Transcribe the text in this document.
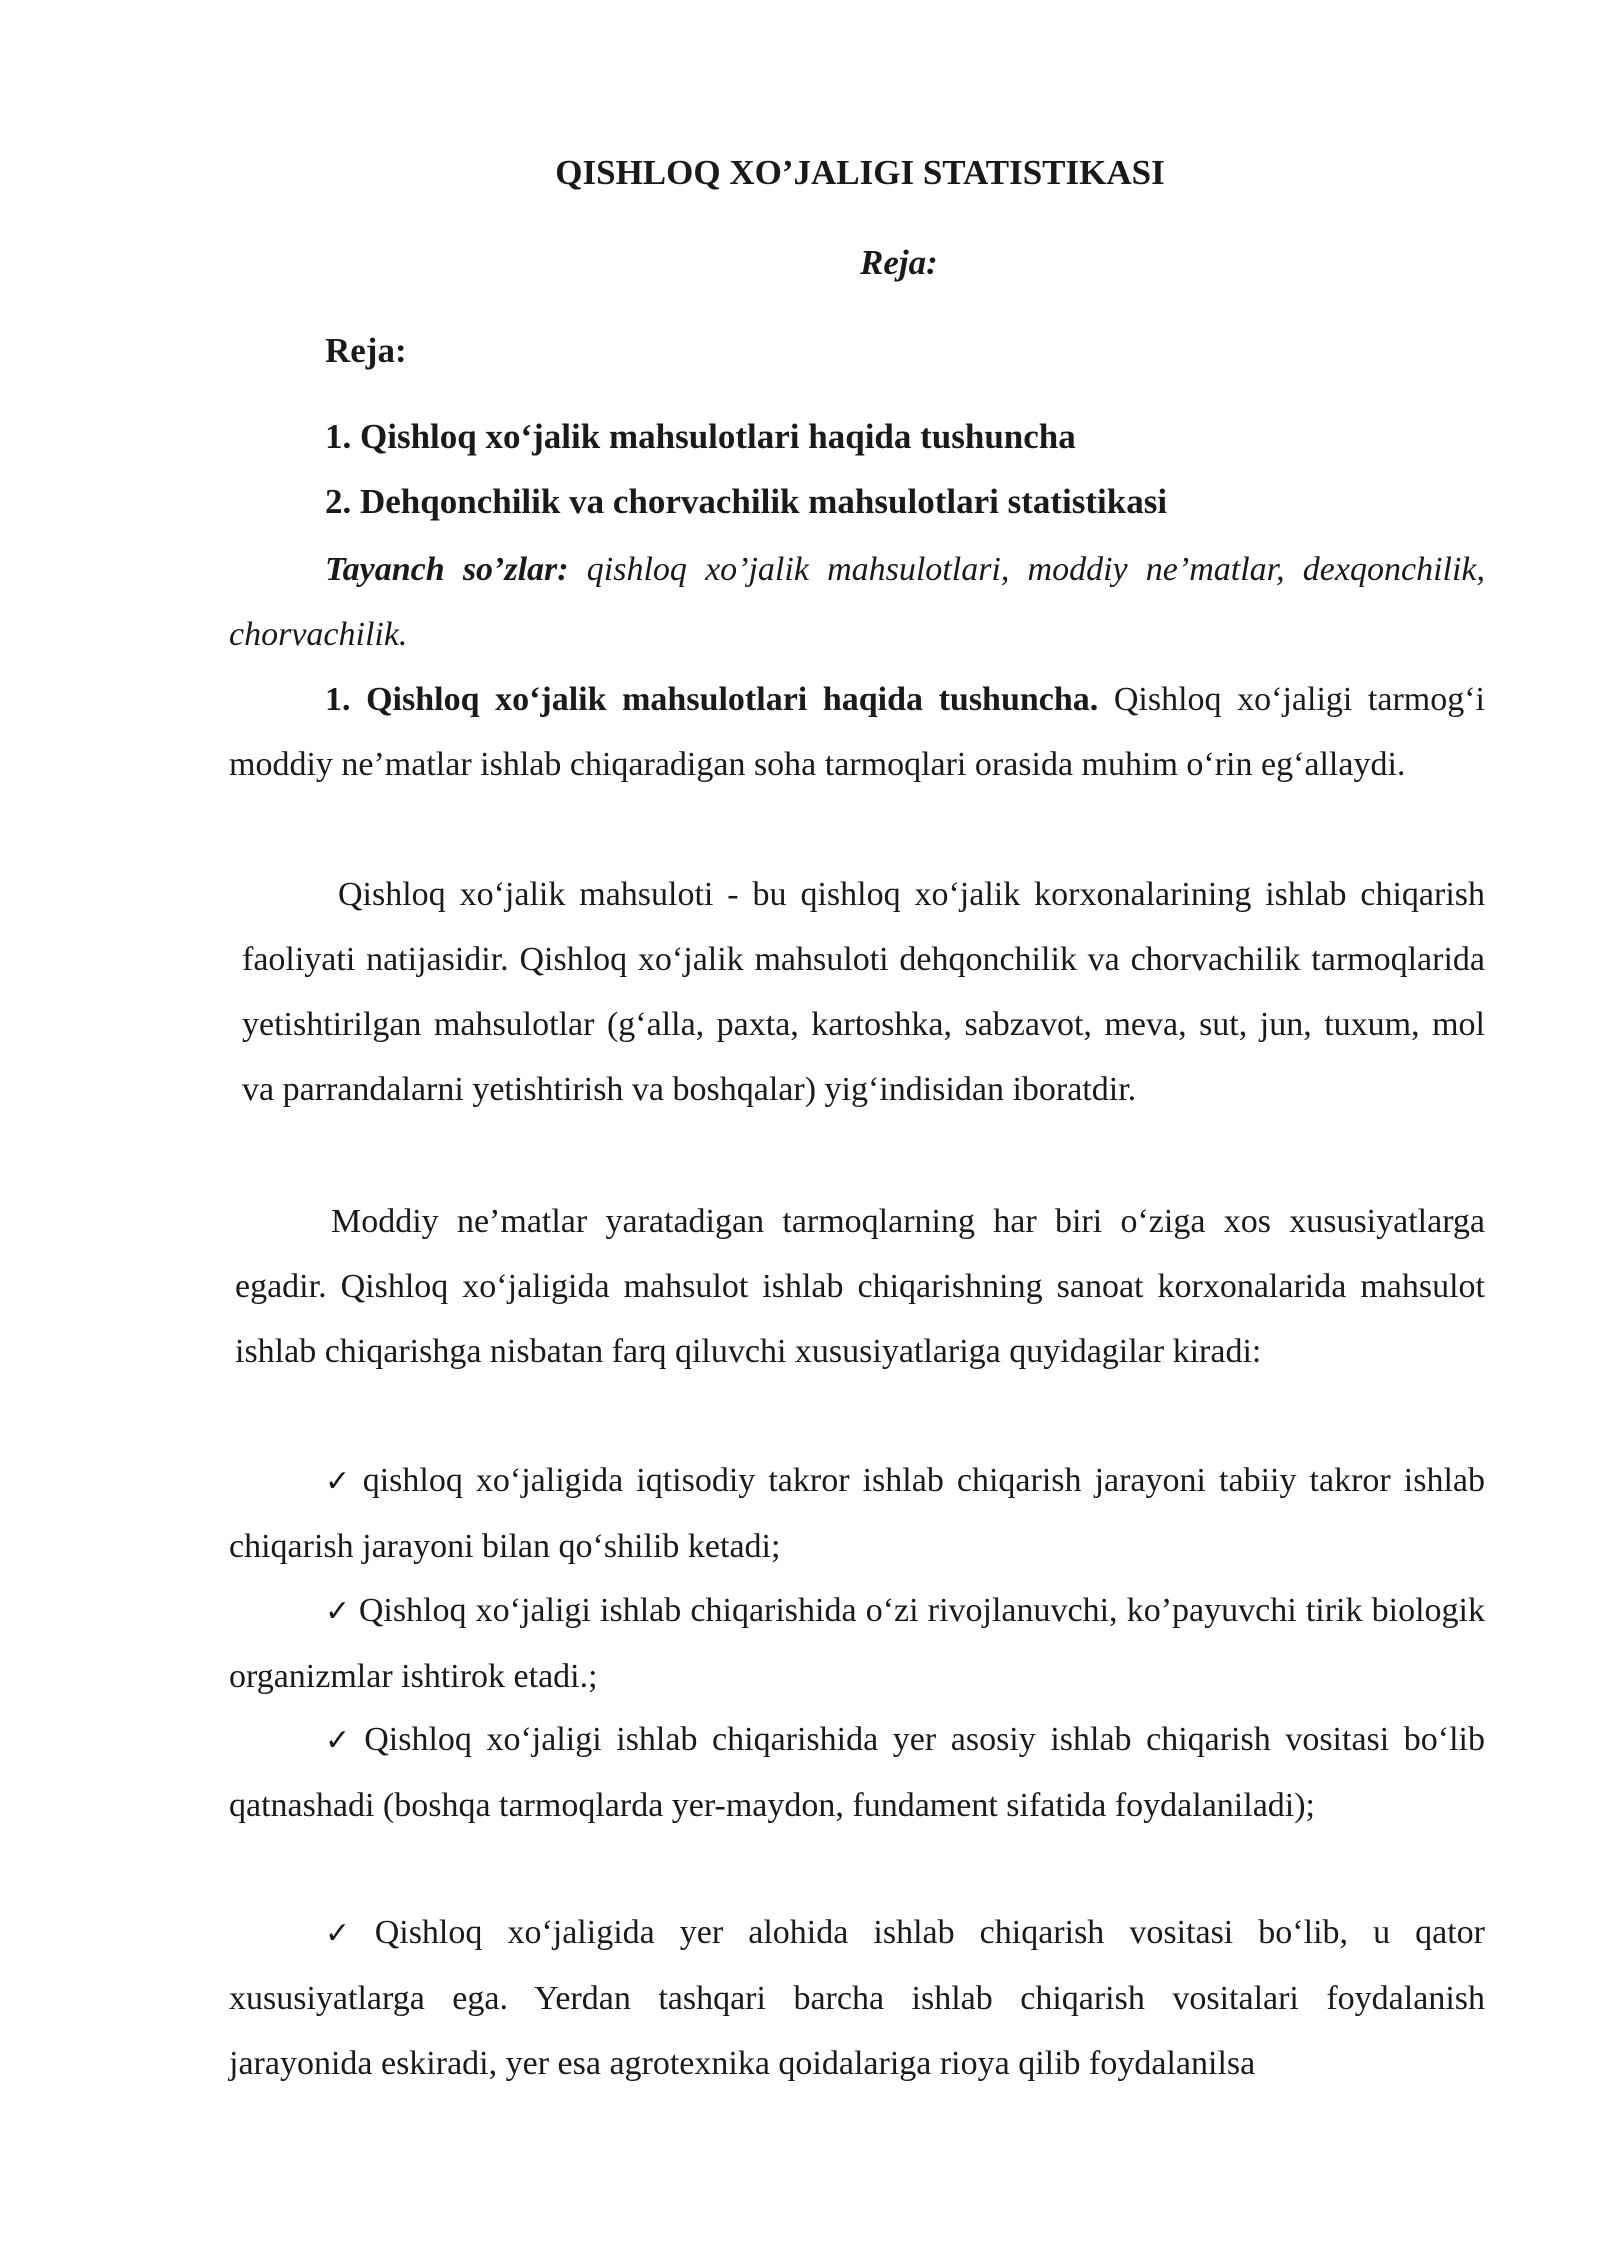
QISHLOQ XO’JALIGI STATISTIKASI
Reja:
Reja:
1. Qishloq xo‘jalik mahsulotlari haqida tushuncha
2. Dehqonchilik va chorvachilik mahsulotlari statistikasi

Tayanch so’zlar: qishloq xo’jalik mahsulotlari, moddiy ne’matlar, dexqonchilik, chorvachilik.

1. Qishloq xo‘jalik mahsulotlari haqida tushuncha. Qishloq xo‘jaligi tarmog‘i moddiy ne’matlar ishlab chiqaradigan soha tarmoqlari orasida muhim o‘rin eg‘allaydi.

Qishloq xo‘jalik mahsuloti - bu qishloq xo‘jalik korxonalarining ishlab chiqarish faoliyati natijasidir. Qishloq xo‘jalik mahsuloti dehqonchilik va chorvachilik tarmoqlarida yetishtirilgan mahsulotlar (g‘alla, paxta, kartoshka, sabzavot, meva, sut, jun, tuxum, mol va parrandalarni yetishtirish va boshqalar) yig‘indisidan iboratdir.

Moddiy ne’matlar yaratadigan tarmoqlarning har biri o‘ziga xos xususiyatlarga egadir. Qishloq xo‘jaligida mahsulot ishlab chiqarishning sanoat korxonalarida mahsulot ishlab chiqarishga nisbatan farq qiluvchi xususiyatlariga quyidagilar kiradi:

✓ qishloq xo‘jaligida iqtisodiy takror ishlab chiqarish jarayoni tabiiy takror ishlab chiqarish jarayoni bilan qo‘shilib ketadi;

✓ Qishloq xo‘jaligi ishlab chiqarishida o‘zi rivojlanuvchi, ko’payuvchi tirik biologik organizmlar ishtirok etadi.;

✓ Qishloq xo‘jaligi ishlab chiqarishida yer asosiy ishlab chiqarish vositasi bo‘lib qatnashadi (boshqa tarmoqlarda yer-maydon, fundament sifatida foydalaniladi);

✓ Qishloq xo‘jaligida yer alohida ishlab chiqarish vositasi bo‘lib, u qator xususiyatlarga ega. Yerdan tashqari barcha ishlab chiqarish vositalari foydalanish jarayonida eskiradi, yer esa agrotexnika qoidalariga rioya qilib foydalanilsa
